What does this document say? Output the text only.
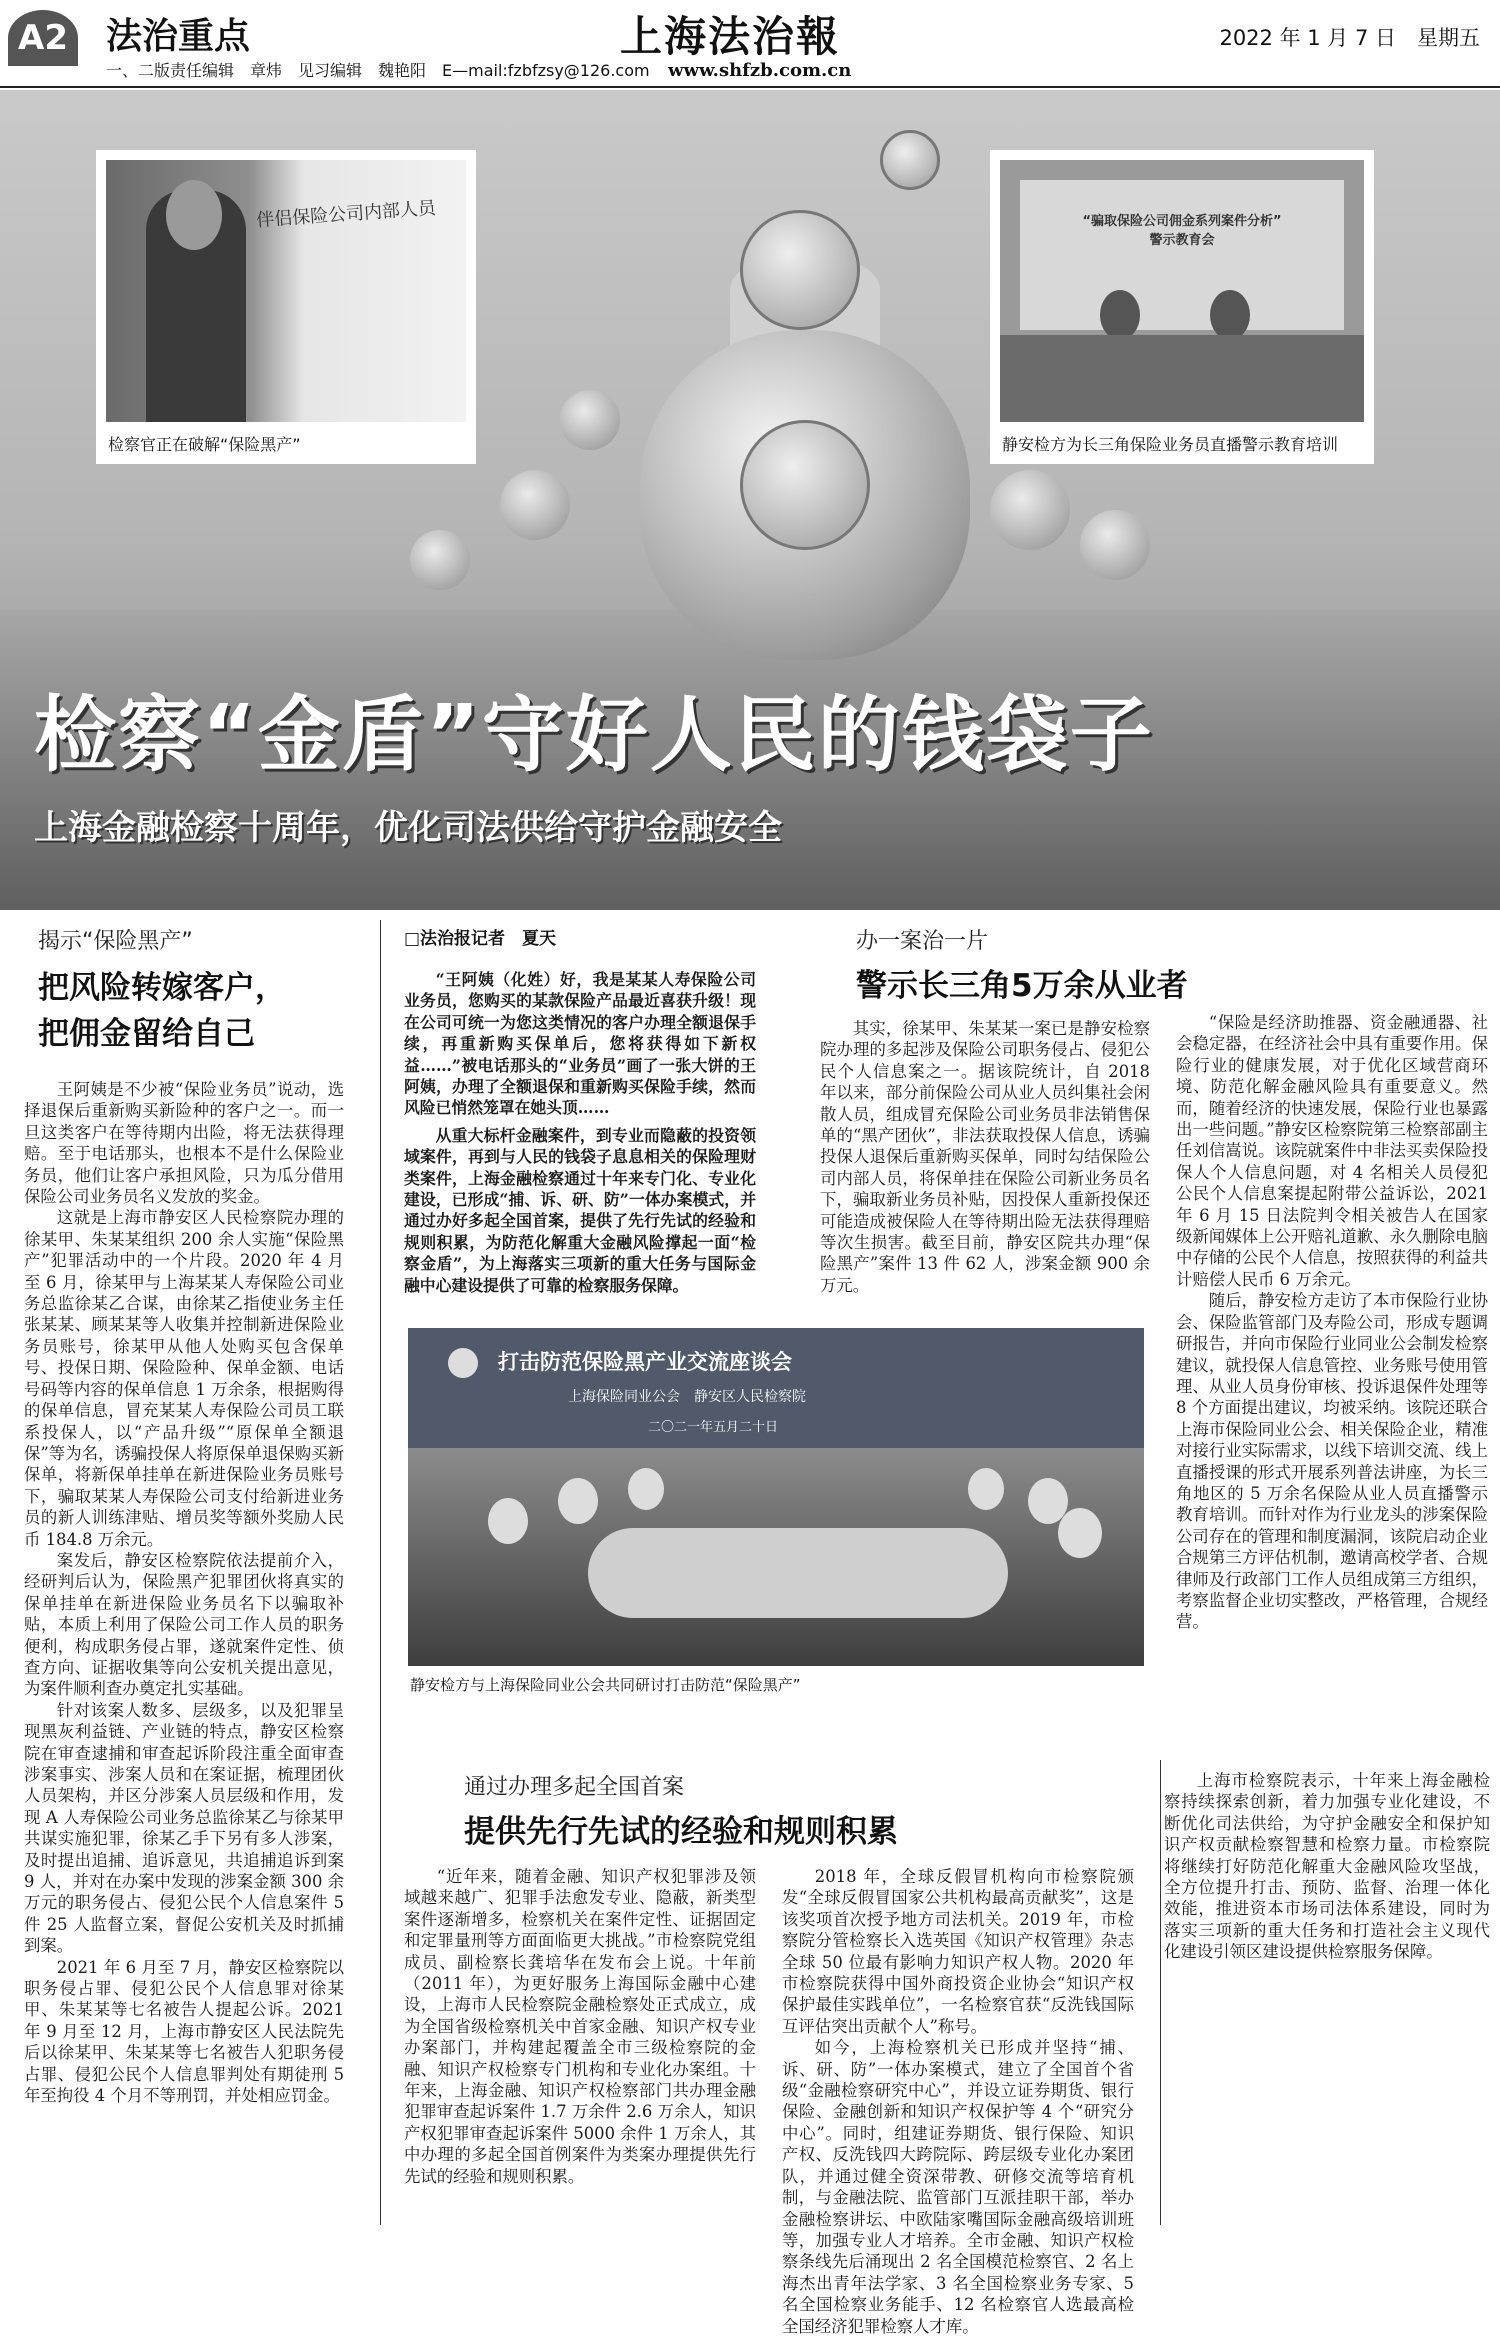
A2 法治重点
一、二版责任编辑　章炜　见习编辑　魏艳阳　E—mail:fzbfzsy@126.com
上海法治報
www.shfzb.com.cn
2022 年 1 月 7 日　星期五
伴侣保险公司内部人员
检察官正在破解“保险黑产”
“骗取保险公司佣金系列案件分析”
警示教育会
静安检方为长三角保险业务员直播警示教育培训
检察“金盾”守好人民的钱袋子
上海金融检察十周年，优化司法供给守护金融安全
揭示“保险黑产”
把风险转嫁客户，
把佣金留给自己

王阿姨是不少被“保险业务员”说动，选择退保后重新购买新险种的客户之一。而一旦这类客户在等待期内出险，将无法获得理赔。至于电话那头，也根本不是什么保险业务员，他们让客户承担风险，只为瓜分借用保险公司业务员名义发放的奖金。

这就是上海市静安区人民检察院办理的徐某甲、朱某某组织 200 余人实施“保险黑产”犯罪活动中的一个片段。2020 年 4 月至 6 月，徐某甲与上海某某人寿保险公司业务总监徐某乙合谋，由徐某乙指使业务主任张某某、顾某某等人收集并控制新进保险业务员账号，徐某甲从他人处购买包含保单号、投保日期、保险险种、保单金额、电话号码等内容的保单信息 1 万余条，根据购得的保单信息，冒充某某人寿保险公司员工联系投保人，以“产品升级”“原保单全额退保”等为名，诱骗投保人将原保单退保购买新保单，将新保单挂单在新进保险业务员账号下，骗取某某人寿保险公司支付给新进业务员的新人训练津贴、增员奖等额外奖励人民币 184.8 万余元。

案发后，静安区检察院依法提前介入，经研判后认为，保险黑产犯罪团伙将真实的保单挂单在新进保险业务员名下以骗取补贴，本质上利用了保险公司工作人员的职务便利，构成职务侵占罪，遂就案件定性、侦查方向、证据收集等向公安机关提出意见，为案件顺利查办奠定扎实基础。

针对该案人数多、层级多，以及犯罪呈现黑灰利益链、产业链的特点，静安区检察院在审查逮捕和审查起诉阶段注重全面审查涉案事实、涉案人员和在案证据，梳理团伙人员架构，并区分涉案人员层级和作用，发现 A 人寿保险公司业务总监徐某乙与徐某甲共谋实施犯罪，徐某乙手下另有多人涉案，及时提出追捕、追诉意见，共追捕追诉到案 9 人，并对在办案中发现的涉案金额 300 余万元的职务侵占、侵犯公民个人信息案件 5 件 25 人监督立案，督促公安机关及时抓捕到案。

2021 年 6 月至 7 月，静安区检察院以职务侵占罪、侵犯公民个人信息罪对徐某甲、朱某某等七名被告人提起公诉。2021 年 9 月至 12 月，上海市静安区人民法院先后以徐某甲、朱某某等七名被告人犯职务侵占罪、侵犯公民个人信息罪判处有期徒刑 5 年至拘役 4 个月不等刑罚，并处相应罚金。

□法治报记者　夏天

“王阿姨（化姓）好，我是某某人寿保险公司业务员，您购买的某款保险产品最近喜获升级！现在公司可统一为您这类情况的客户办理全额退保手续，再重新购买保单后，您将获得如下新权益……”被电话那头的“业务员”画了一张大饼的王阿姨，办理了全额退保和重新购买保险手续，然而风险已悄然笼罩在她头顶……

从重大标杆金融案件，到专业而隐蔽的投资领域案件，再到与人民的钱袋子息息相关的保险理财类案件，上海金融检察通过十年来专门化、专业化建设，已形成“捕、诉、研、防”一体办案模式，并通过办好多起全国首案，提供了先行先试的经验和规则积累，为防范化解重大金融风险撑起一面“检察金盾”，为上海落实三项新的重大任务与国际金融中心建设提供了可靠的检察服务保障。

办一案治一片
警示长三角5万余从业者

其实，徐某甲、朱某某一案已是静安检察院办理的多起涉及保险公司职务侵占、侵犯公民个人信息案之一。据该院统计，自 2018 年以来，部分前保险公司从业人员纠集社会闲散人员，组成冒充保险公司业务员非法销售保单的“黑产团伙”，非法获取投保人信息，诱骗投保人退保后重新购买保单，同时勾结保险公司内部人员，将保单挂在保险公司新业务员名下，骗取新业务员补贴，因投保人重新投保还可能造成被保险人在等待期出险无法获得理赔等次生损害。截至目前，静安区院共办理“保险黑产”案件 13 件 62 人，涉案金额 900 余万元。

“保险是经济助推器、资金融通器、社会稳定器，在经济社会中具有重要作用。保险行业的健康发展，对于优化区域营商环境、防范化解金融风险具有重要意义。然而，随着经济的快速发展，保险行业也暴露出一些问题。”静安区检察院第三检察部副主任刘信嵩说。该院就案件中非法买卖保险投保人个人信息问题，对 4 名相关人员侵犯公民个人信息案提起附带公益诉讼，2021 年 6 月 15 日法院判令相关被告人在国家级新闻媒体上公开赔礼道歉、永久删除电脑中存储的公民个人信息，按照获得的利益共计赔偿人民币 6 万余元。

随后，静安检方走访了本市保险行业协会、保险监管部门及寿险公司，形成专题调研报告，并向市保险行业同业公会制发检察建议，就投保人信息管控、业务账号使用管理、从业人员身份审核、投诉退保件处理等 8 个方面提出建议，均被采纳。该院还联合上海市保险同业公会、相关保险企业，精准对接行业实际需求，以线下培训交流、线上直播授课的形式开展系列普法讲座，为长三角地区的 5 万余名保险从业人员直播警示教育培训。而针对作为行业龙头的涉案保险公司存在的管理和制度漏洞，该院启动企业合规第三方评估机制，邀请高校学者、合规律师及行政部门工作人员组成第三方组织，考察监督企业切实整改，严格管理，合规经营。

打击防范保险黑产业交流座谈会
上海保险同业公会　静安区人民检察院
二〇二一年五月二十日
静安检方与上海保险同业公会共同研讨打击防范“保险黑产”
通过办理多起全国首案
提供先行先试的经验和规则积累

“近年来，随着金融、知识产权犯罪涉及领域越来越广、犯罪手法愈发专业、隐蔽，新类型案件逐渐增多，检察机关在案件定性、证据固定和定罪量刑等方面面临更大挑战。”市检察院党组成员、副检察长龚培华在发布会上说。十年前（2011 年），为更好服务上海国际金融中心建设，上海市人民检察院金融检察处正式成立，成为全国省级检察机关中首家金融、知识产权专业办案部门，并构建起覆盖全市三级检察院的金融、知识产权检察专门机构和专业化办案组。十年来，上海金融、知识产权检察部门共办理金融犯罪审查起诉案件 1.7 万余件 2.6 万余人，知识产权犯罪审查起诉案件 5000 余件 1 万余人，其中办理的多起全国首例案件为类案办理提供先行先试的经验和规则积累。

2018 年，全球反假冒机构向市检察院颁发“全球反假冒国家公共机构最高贡献奖”，这是该奖项首次授予地方司法机关。2019 年，市检察院分管检察长入选英国《知识产权管理》杂志全球 50 位最有影响力知识产权人物。2020 年市检察院获得中国外商投资企业协会“知识产权保护最佳实践单位”，一名检察官获“反洗钱国际互评估突出贡献个人”称号。

如今，上海检察机关已形成并坚持“捕、诉、研、防”一体办案模式，建立了全国首个省级“金融检察研究中心”，并设立证券期货、银行保险、金融创新和知识产权保护等 4 个“研究分中心”。同时，组建证券期货、银行保险、知识产权、反洗钱四大跨院际、跨层级专业化办案团队，并通过健全资深带教、研修交流等培育机制，与金融法院、监管部门互派挂职干部，举办金融检察讲坛、中欧陆家嘴国际金融高级培训班等，加强专业人才培养。全市金融、知识产权检察条线先后涌现出 2 名全国模范检察官、2 名上海杰出青年法学家、3 名全国检察业务专家、5 名全国检察业务能手、12 名检察官人选最高检全国经济犯罪检察人才库。

上海市检察院表示，十年来上海金融检察持续探索创新，着力加强专业化建设，不断优化司法供给，为守护金融安全和保护知识产权贡献检察智慧和检察力量。市检察院将继续打好防范化解重大金融风险攻坚战，全方位提升打击、预防、监督、治理一体化效能，推进资本市场司法体系建设，同时为落实三项新的重大任务和打造社会主义现代化建设引领区建设提供检察服务保障。
